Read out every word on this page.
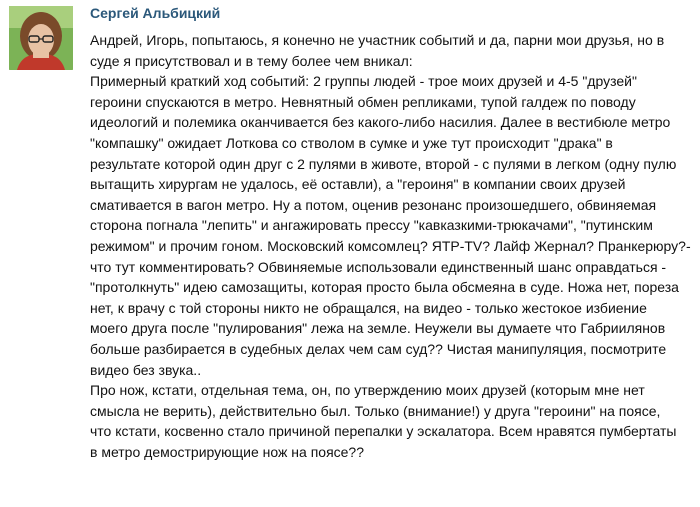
Сергей Альбицкий

Андрей, Игорь, попытаюсь, я конечно не участник событий и да, парни мои друзья, но в
суде я присутствовал и в тему более чем вникал:

Примерный краткий ход событий: 2 группы людей - трое моих друзей и 4-5 "друзей"
героини спускаются в метро. Невнятный обмен репликами, тупой галдеж по поводу
идеологий и полемика оканчивается без какого-либо насилия. Далее в вестибюле метро
"компашку" ожидает Лоткова со стволом в сумке и уже тут происходит "драка" в
результате которой один друг с 2 пулями в животе, второй - с пулями в легком (одну пулю
вытащить хирургам не удалось, её оставли), а "героиня" в компании своих друзей
смативается в вагон метро. Ну а потом, оценив резонанс произошедшего, обвиняемая
сторона погнала "лепить" и ангажировать прессу "кавказкими-трюкачами", "путинским
режимом" и прочим гоном. Московский комсомлец? ЯТР-TV? Лайф Жернал? Пранкерюру?-
что тут комментировать? Обвиняемые использовали единственный шанс оправдаться -
"протолкнуть" идею самозащиты, которая просто была обсмеяна в суде. Ножа нет, пореза
нет, к врачу с той стороны никто не обращался, на видео - только жестокое избиение
моего друга после "пулирования" лежа на земле. Неужели вы думаете что Габриилянов
больше разбирается в судебных делах чем сам суд?? Чистая манипуляция, посмотрите
видео без звука..

Про нож, кстати, отдельная тема, он, по утверждению моих друзей (которым мне нет
смысла не верить), действительно был. Только (внимание!) у друга "героини" на поясе,
что кстати, косвенно стало причиной перепалки у эскалатора. Всем нравятся пумбертаты
в метро демострирующие нож на поясе??
